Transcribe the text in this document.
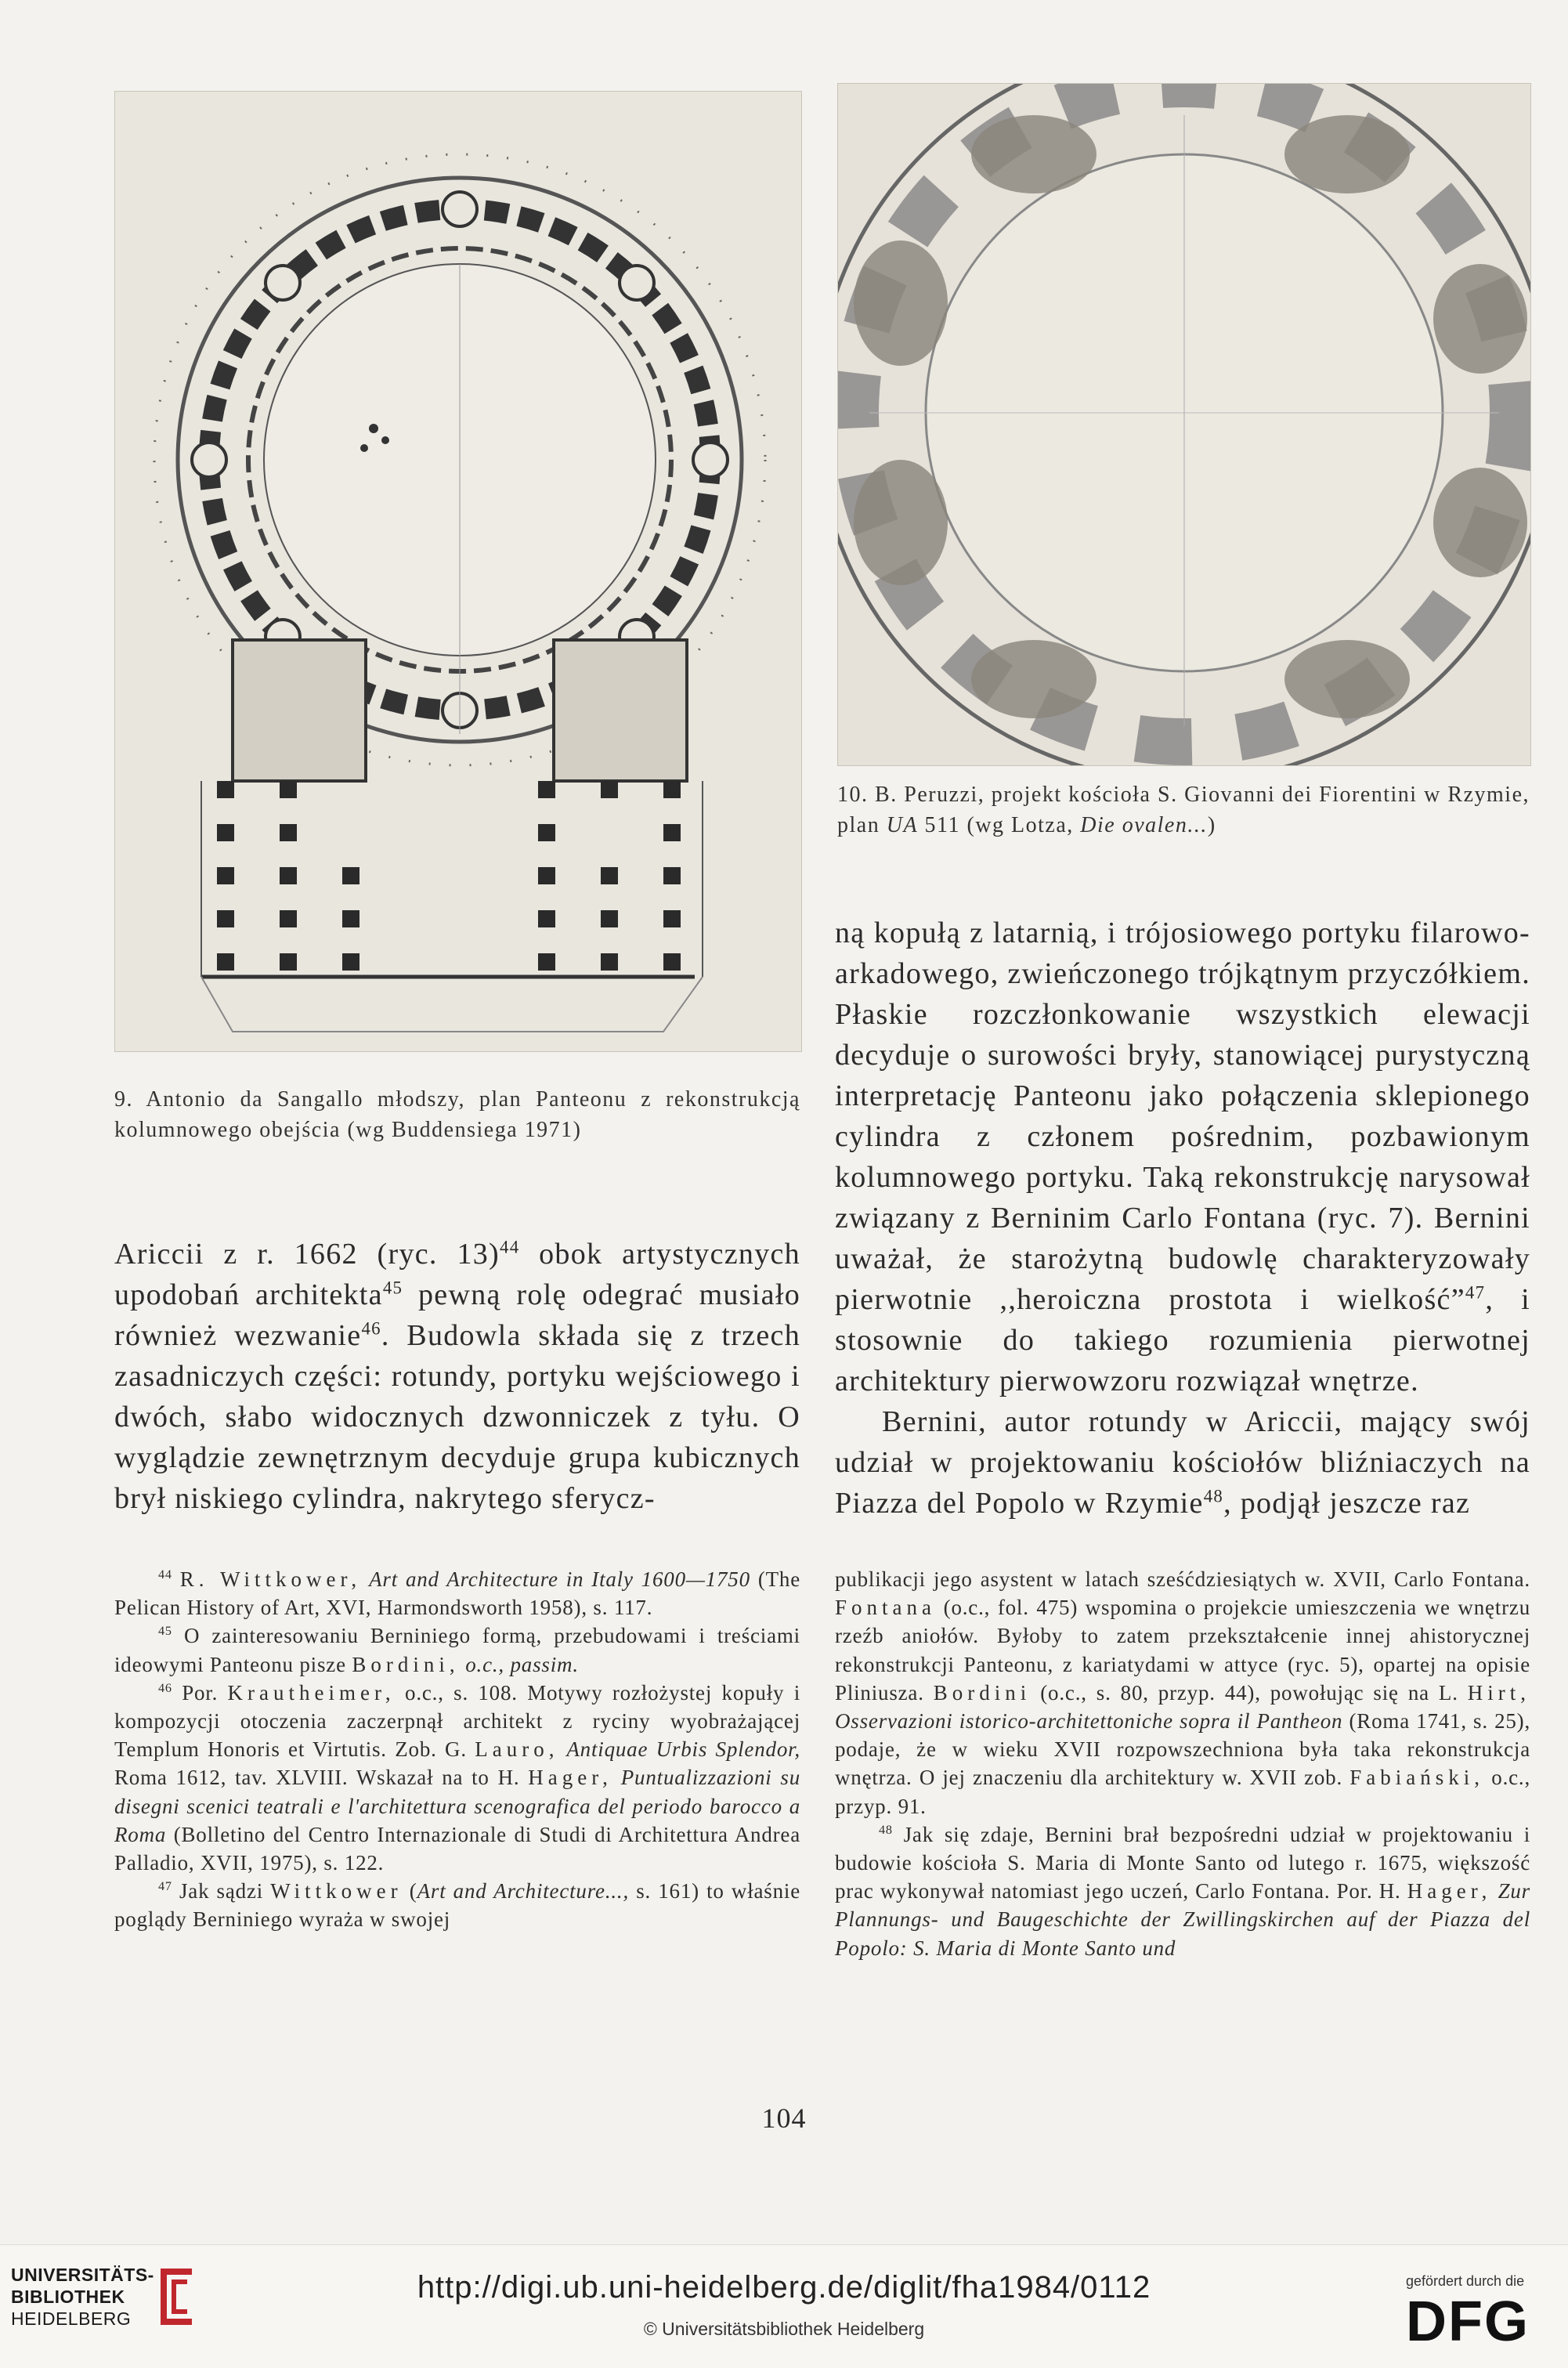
10. B. Peruzzi, projekt kościoła S. Giovanni dei Fiorentini w Rzymie, plan UA 511 (wg Lotza, Die ovalen...)
9. Antonio da Sangallo młodszy, plan Panteonu z rekonstrukcją kolumnowego obejścia (wg Buddensiega 1971)

ną kopułą z latarnią, i trójosiowego portyku filarowo-arkadowego, zwieńczonego trójkątnym przyczółkiem. Płaskie rozczłonkowanie wszystkich elewacji decyduje o surowości bryły, stanowiącej purystyczną interpretację Panteonu jako połączenia sklepionego cylindra z członem pośrednim, pozbawionym kolumnowego portyku. Taką rekonstrukcję narysował związany z Berninim Carlo Fontana (ryc. 7). Bernini uważał, że starożytną budowlę charakteryzowały pierwotnie ,,heroiczna prostota i wielkość”$^{47}$, i stosownie do takiego rozumienia pierwotnej architektury pierwowzoru rozwiązał wnętrze.

Bernini, autor rotundy w Ariccii, mający swój udział w projektowaniu kościołów bliźniaczych na Piazza del Popolo w Rzymie$^{48}$, podjął jeszcze raz

Ariccii z r. 1662 (ryc. 13)$^{44}$ obok artystycznych upodobań architekta$^{45}$ pewną rolę odegrać musiało również wezwanie$^{46}$. Budowla składa się z trzech zasadniczych części: rotundy, portyku wejściowego i dwóch, słabo widocznych dzwonniczek z tyłu. O wyglądzie zewnętrznym decyduje grupa kubicznych brył niskiego cylindra, nakrytego sferycz-

$^{44}$ R. Wittkower, Art and Architecture in Italy 1600—1750 (The Pelican History of Art, XVI, Harmondsworth 1958), s. 117.

$^{45}$ O zainteresowaniu Berniniego formą, przebudowami i treściami ideowymi Panteonu pisze Bordini, o.c., passim.

$^{46}$ Por. Krautheimer, o.c., s. 108. Motywy rozłożystej kopuły i kompozycji otoczenia zaczerpnął architekt z ryciny wyobrażającej Templum Honoris et Virtutis. Zob. G. Lauro, Antiquae Urbis Splendor, Roma 1612, tav. XLVIII. Wskazał na to H. Hager, Puntualizzazioni su disegni scenici teatrali e l'architettura scenografica del periodo barocco a Roma (Bolletino del Centro Internazionale di Studi di Architettura Andrea Palladio, XVII, 1975), s. 122.

$^{47}$ Jak sądzi Wittkower (Art and Architecture..., s. 161) to właśnie poglądy Berniniego wyraża w swojej

publikacji jego asystent w latach sześćdziesiątych w. XVII, Carlo Fontana. Fontana (o.c., fol. 475) wspomina o projekcie umieszczenia we wnętrzu rzeźb aniołów. Byłoby to zatem przekształcenie innej ahistorycznej rekonstrukcji Panteonu, z kariatydami w attyce (ryc. 5), opartej na opisie Pliniusza. Bordini (o.c., s. 80, przyp. 44), powołując się na L. Hirt, Osservazioni istorico-architettoniche sopra il Pantheon (Roma 1741, s. 25), podaje, że w wieku XVII rozpowszechniona była taka rekonstrukcja wnętrza. O jej znaczeniu dla architektury w. XVII zob. Fabiański, o.c., przyp. 91.

$^{48}$ Jak się zdaje, Bernini brał bezpośredni udział w projektowaniu i budowie kościoła S. Maria di Monte Santo od lutego r. 1675, większość prac wykonywał natomiast jego uczeń, Carlo Fontana. Por. H. Hager, Zur Plannungs- und Baugeschichte der Zwillingskirchen auf der Piazza del Popolo: S. Maria di Monte Santo und

104
UNIVERSITÄTS-
BIBLIOTHEK
HEIDELBERG
http://digi.ub.uni-heidelberg.de/diglit/fha1984/0112
© Universitätsbibliothek Heidelberg
gefördert durch die
DFG
